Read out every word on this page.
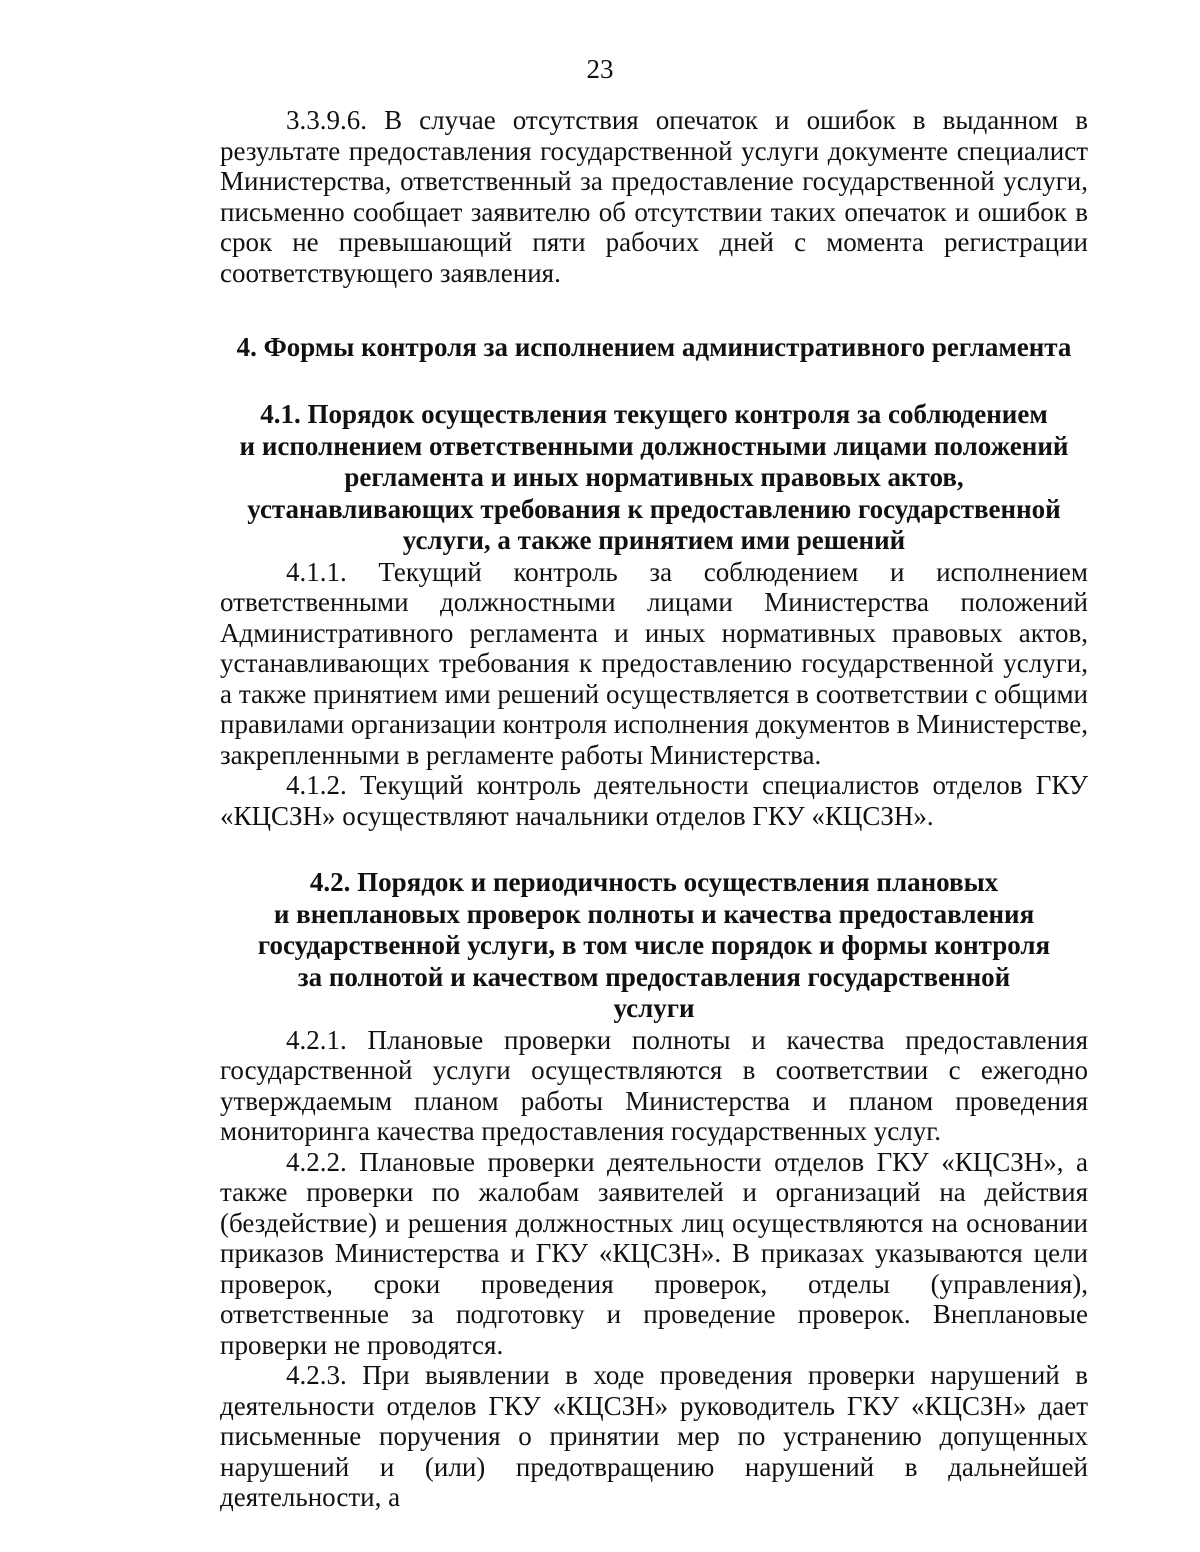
23

3.3.9.6. В случае отсутствия опечаток и ошибок в выданном в результате предоставления государственной услуги документе специалист Министерства, ответственный за предоставление государственной услуги, письменно сообщает заявителю об отсутствии таких опечаток и ошибок в срок не превышающий пяти рабочих дней с момента регистрации соответствующего заявления.

4. Формы контроля за исполнением административного регламента
4.1. Порядок осуществления текущего контроля за соблюдением
и исполнением ответственными должностными лицами положений
регламента и иных нормативных правовых актов,
устанавливающих требования к предоставлению государственной
услуги, а также принятием ими решений

4.1.1. Текущий контроль за соблюдением и исполнением ответственными должностными лицами Министерства положений Административного регламента и иных нормативных правовых актов, устанавливающих требования к предоставлению государственной услуги, а также принятием ими решений осуществляется в соответствии с общими правилами организации контроля исполнения документов в Министерстве, закрепленными в регламенте работы Министерства.

4.1.2. Текущий контроль деятельности специалистов отделов ГКУ «КЦСЗН» осуществляют начальники отделов ГКУ «КЦСЗН».

4.2. Порядок и периодичность осуществления плановых
и внеплановых проверок полноты и качества предоставления
государственной услуги, в том числе порядок и формы контроля
за полнотой и качеством предоставления государственной
услуги

4.2.1. Плановые проверки полноты и качества предоставления государственной услуги осуществляются в соответствии с ежегодно утверждаемым планом работы Министерства и планом проведения мониторинга качества предоставления государственных услуг.

4.2.2. Плановые проверки деятельности отделов ГКУ «КЦСЗН», а также проверки по жалобам заявителей и организаций на действия (бездействие) и решения должностных лиц осуществляются на основании приказов Министерства и ГКУ «КЦСЗН». В приказах указываются цели проверок, сроки проведения проверок, отделы (управления), ответственные за подготовку и проведение проверок. Внеплановые проверки не проводятся.

4.2.3. При выявлении в ходе проведения проверки нарушений в деятельности отделов ГКУ «КЦСЗН» руководитель ГКУ «КЦСЗН» дает письменные поручения о принятии мер по устранению допущенных нарушений и (или) предотвращению нарушений в дальнейшей деятельности, а
